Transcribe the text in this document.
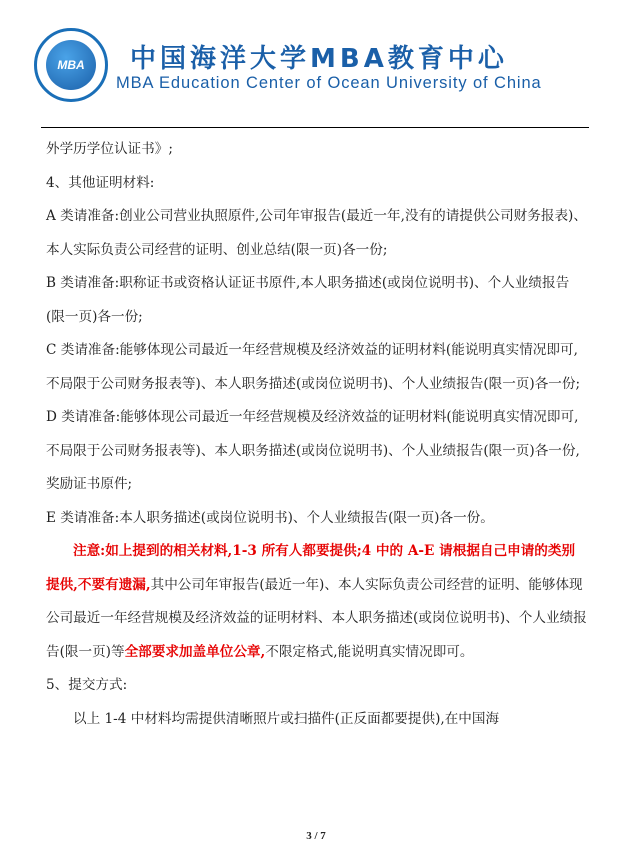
MBA	中国海洋大学MBA教育中心
MBA Education Center of Ocean University of China

外学历学位认证书》;

4、其他证明材料:

A 类请准备:创业公司营业执照原件,公司年审报告(最近一年,没有的请提供公司财务报表)、本人实际负责公司经营的证明、创业总结(限一页)各一份;

B 类请准备:职称证书或资格认证证书原件,本人职务描述(或岗位说明书)、个人业绩报告(限一页)各一份;

C 类请准备:能够体现公司最近一年经营规模及经济效益的证明材料(能说明真实情况即可,不局限于公司财务报表等)、本人职务描述(或岗位说明书)、个人业绩报告(限一页)各一份;

D 类请准备:能够体现公司最近一年经营规模及经济效益的证明材料(能说明真实情况即可,不局限于公司财务报表等)、本人职务描述(或岗位说明书)、个人业绩报告(限一页)各一份,奖励证书原件;

E 类请准备:本人职务描述(或岗位说明书)、个人业绩报告(限一页)各一份。

注意:如上提到的相关材料,1-3 所有人都要提供;4 中的 A-E 请根据自己申请的类别提供,不要有遗漏,其中公司年审报告(最近一年)、本人实际负责公司经营的证明、能够体现公司最近一年经营规模及经济效益的证明材料、本人职务描述(或岗位说明书)、个人业绩报告(限一页)等全部要求加盖单位公章,不限定格式,能说明真实情况即可。

5、提交方式:

以上 1-4 中材料均需提供清晰照片或扫描件(正反面都要提供),在中国海

3 / 7
